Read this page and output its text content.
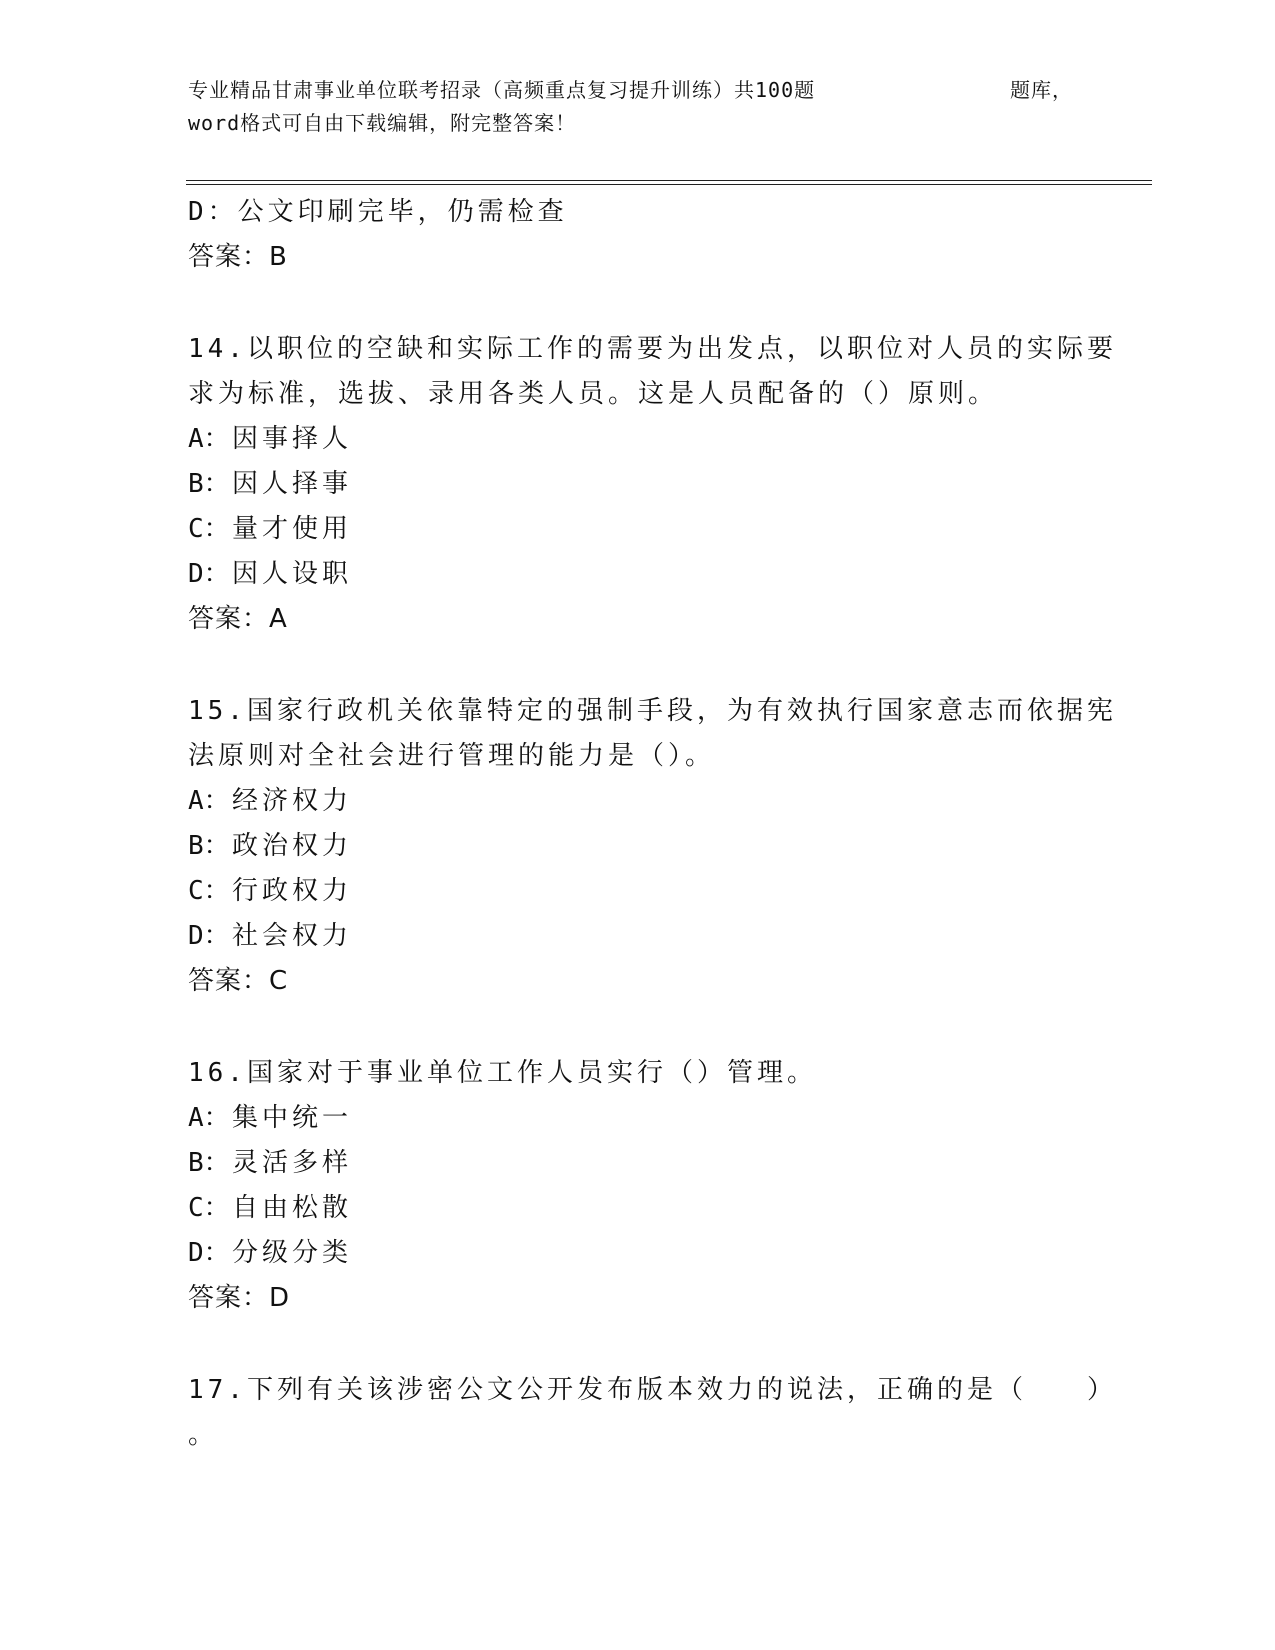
专业精品甘肃事业单位联考招录（高频重点复习提升训练）共100题	题库，
word格式可自由下载编辑，附完整答案！
D：公文印刷完毕，仍需检查
答案：B
14.以职位的空缺和实际工作的需要为出发点，以职位对人员的实际要
求为标准，选拔、录用各类人员。这是人员配备的（）原则。
A：因事择人
B：因人择事
C：量才使用
D：因人设职
答案：A
15.国家行政机关依靠特定的强制手段，为有效执行国家意志而依据宪
法原则对全社会进行管理的能力是（）。
A：经济权力
B：政治权力
C：行政权力
D：社会权力
答案：C
16.国家对于事业单位工作人员实行（）管理。
A：集中统一
B：灵活多样
C：自由松散
D：分级分类
答案：D
17.下列有关该涉密公文公开发布版本效力的说法，正确的是（　　）
。
